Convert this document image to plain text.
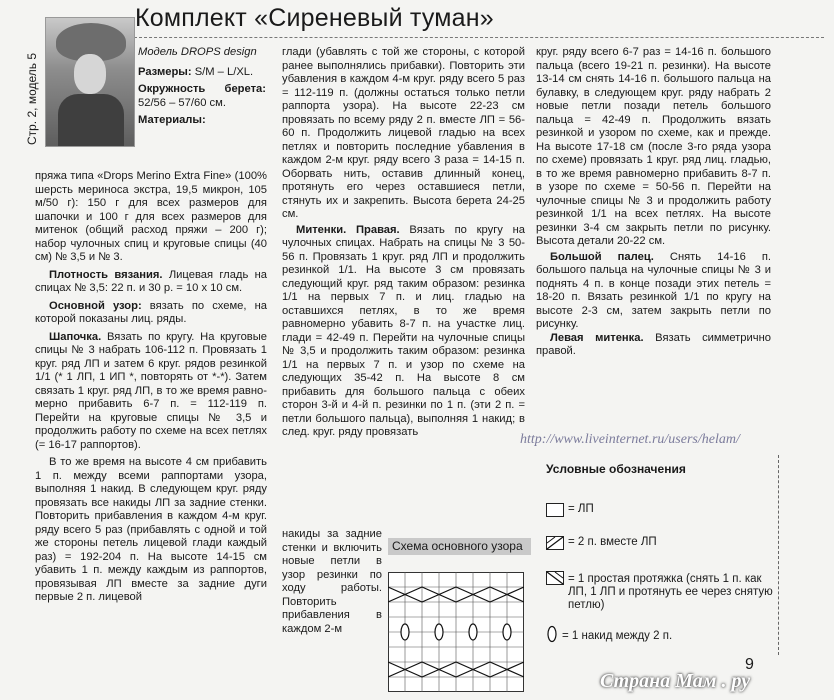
Комплект «Сиреневый туман»
Стр. 2, модель 5

Модель DROPS design

Размеры: S/M – L/XL.

Окружность берета: 52/56 – 57/60 см.

Материалы:

пряжа типа «Drops Merino Extra Fine» (100% шерсть мериноса экстра, 19,5 микрон, 105 м/50 г): 150 г для всех размеров для шапочки и 100 г для всех размеров для митенок (общий расход пряжи – 200 г); набор чулочных спиц и круговые спицы (40 см) № 3,5 и № 3.

Плотность вязания. Лицевая гладь на спицах № 3,5: 22 п. и 30 р. = 10 х 10 см.

Основной узор: вязать по схеме, на которой показаны лиц. ряды.

Шапочка. Вязать по кругу. На круговые спицы № 3 набрать 106-112 п. Провязать 1 круг. ряд ЛП и затем 6 круг. рядов резинкой 1/1 (* 1 ЛП, 1 ИП *, повторять от *-*). Затем связать 1 круг. ряд ЛП, в то же время равномерно прибавить 6-7 п. = 112-119 п. Перейти на круговые спицы № 3,5 и продолжить работу по схеме на всех петлях (= 16-17 раппортов).

В то же время на высоте 4 см прибавить 1 п. между всеми раппортами узора, выполняя 1 накид. В следующем круг. ряду провязать все накиды ЛП за задние стенки. Повторить прибавления в каждом 4-м круг. ряду всего 5 раз (прибавлять с одной и той же стороны петель лицевой глади каждый раз) = 192-204 п. На высоте 14-15 см убавить 1 п. между каждым из раппортов, провязывая ЛП вместе за задние дуги первые 2 п. лицевой

глади (убавлять с той же стороны, с которой ранее выполнялись прибавки). Повторить эти убавления в каждом 4-м круг. ряду всего 5 раз = 112-119 п. (должны остаться только петли раппорта узора). На высоте 22-23 см провязать по всему ряду 2 п. вместе ЛП = 56-60 п. Продолжить лицевой гладью на всех петлях и повторить последние убавления в каждом 2-м круг. ряду всего 3 раза = 14-15 п. Оборвать нить, оставив длинный конец, протянуть его через оставшиеся петли, стянуть их и закрепить. Высота берета 24-25 см.

Митенки. Правая. Вязать по кругу на чулочных спицах. Набрать на спицы № 3 50-56 п. Провязать 1 круг. ряд ЛП и продолжить резинкой 1/1. На высоте 3 см провязать следующий круг. ряд таким образом: резинка 1/1 на первых 7 п. и лиц. гладью на оставшихся петлях, в то же время равномерно убавить 8-7 п. на участке лиц. глади = 42-49 п. Перейти на чулочные спицы № 3,5 и продолжить таким образом: резинка 1/1 на первых 7 п. и узор по схеме на следующих 35-42 п. На высоте 8 см прибавить для большого пальца с обеих сторон 3-й и 4-й п. резинки по 1 п. (эти 2 п. = петли большого пальца), выполняя 1 накид; в след. круг. ряду провязать

накиды за задние стенки и включить новые петли в узор резинки по ходу работы. Повторить прибавления в каждом 2-м

Схема основного узора

круг. ряду всего 6-7 раз = 14-16 п. большого пальца (всего 19-21 п. резинки). На высоте 13-14 см снять 14-16 п. большого пальца на булавку, в следующем круг. ряду набрать 2 новые петли позади петель большого пальца = 42-49 п. Продолжить вязать резинкой и узором по схеме, как и прежде. На высоте 17-18 см (после 3-го ряда узора по схеме) провязать 1 круг. ряд лиц. гладью, в то же время равномерно прибавить 8-7 п. в узоре по схеме = 50-56 п. Перейти на чулочные спицы № 3 и продолжить работу резинкой 1/1 на всех петлях. На высоте резинки 3-4 см закрыть петли по рисунку. Высота детали 20-22 см.

Большой палец. Снять 14-16 п. большого пальца на чулочные спицы № 3 и поднять 4 п. в конце позади этих петель = 18-20 п. Вязать резинкой 1/1 по кругу на высоте 2-3 см, затем закрыть петли по рисунку.

Левая митенка. Вязать симметрично правой.

http://www.liveinternet.ru/users/helam/
Условные обозначения
= ЛП
= 2 п. вместе ЛП
= 1 простая протяжка (снять 1 п. как ЛП, 1 ЛП и протянуть ее через снятую петлю)
= 1 накид между 2 п.
9
Страна Мам . ру
